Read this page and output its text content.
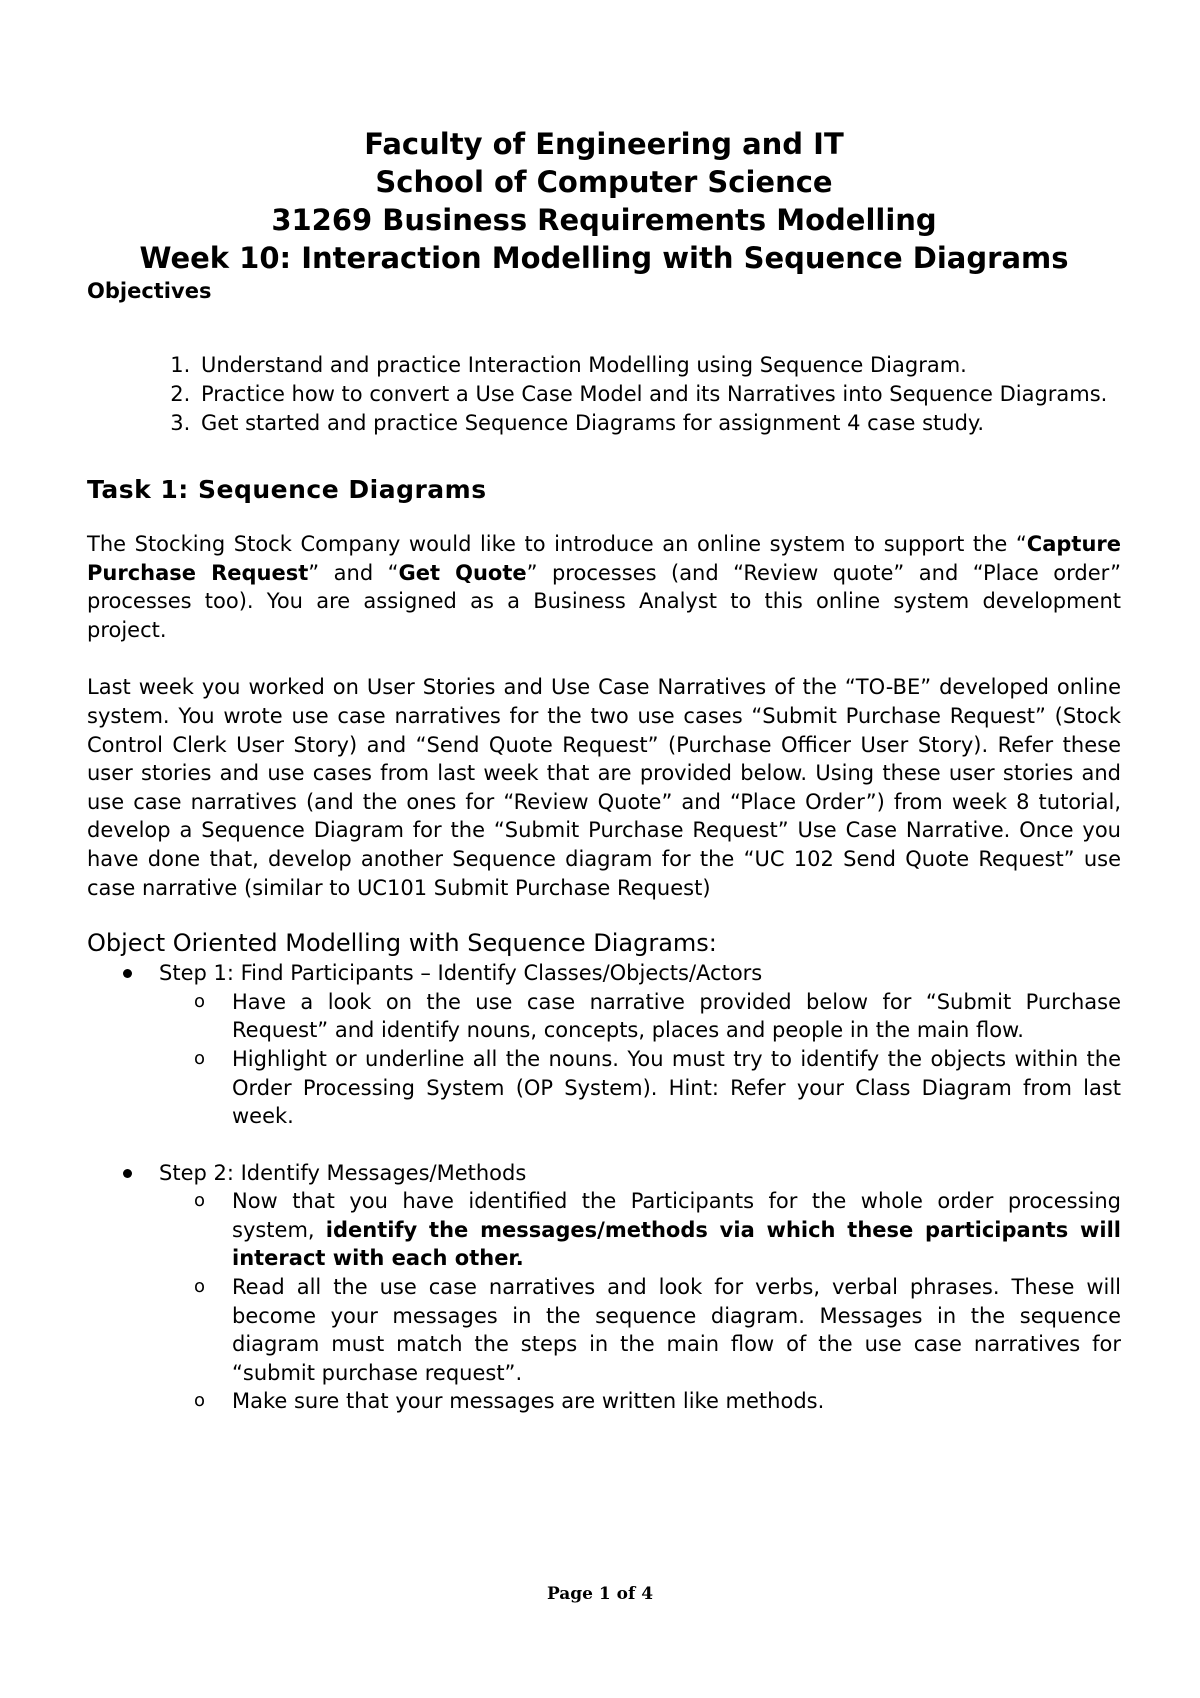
Faculty of Engineering and IT
School of Computer Science
31269 Business Requirements Modelling
Week 10: Interaction Modelling with Sequence Diagrams
Objectives
1. Understand and practice Interaction Modelling using Sequence Diagram.
2. Practice how to convert a Use Case Model and its Narratives into Sequence Diagrams.
3. Get started and practice Sequence Diagrams for assignment 4 case study.
Task 1: Sequence Diagrams
The Stocking Stock Company would like to introduce an online system to support the “Capture Purchase Request” and “Get Quote” processes (and “Review quote” and “Place order” processes too). You are assigned as a Business Analyst to this online system development project.
Last week you worked on User Stories and Use Case Narratives of the “TO-BE” developed online system. You wrote use case narratives for the two use cases “Submit Purchase Request” (Stock Control Clerk User Story) and “Send Quote Request” (Purchase Officer User Story). Refer these user stories and use cases from last week that are provided below. Using these user stories and use case narratives (and the ones for “Review Quote” and “Place Order”) from week 8 tutorial, develop a Sequence Diagram for the “Submit Purchase Request” Use Case Narrative. Once you have done that, develop another Sequence diagram for the “UC 102 Send Quote Request” use case narrative (similar to UC101 Submit Purchase Request)
Object Oriented Modelling with Sequence Diagrams:
Step 1: Find Participants – Identify Classes/Objects/Actors
o Have a look on the use case narrative provided below for “Submit Purchase Request” and identify nouns, concepts, places and people in the main flow.
o Highlight or underline all the nouns. You must try to identify the objects within the Order Processing System (OP System). Hint: Refer your Class Diagram from last week.
Step 2: Identify Messages/Methods
o Now that you have identified the Participants for the whole order processing system, identify the messages/methods via which these participants will interact with each other.
o Read all the use case narratives and look for verbs, verbal phrases. These will become your messages in the sequence diagram. Messages in the sequence diagram must match the steps in the main flow of the use case narratives for “submit purchase request”.
o Make sure that your messages are written like methods.
Page 1 of 4
